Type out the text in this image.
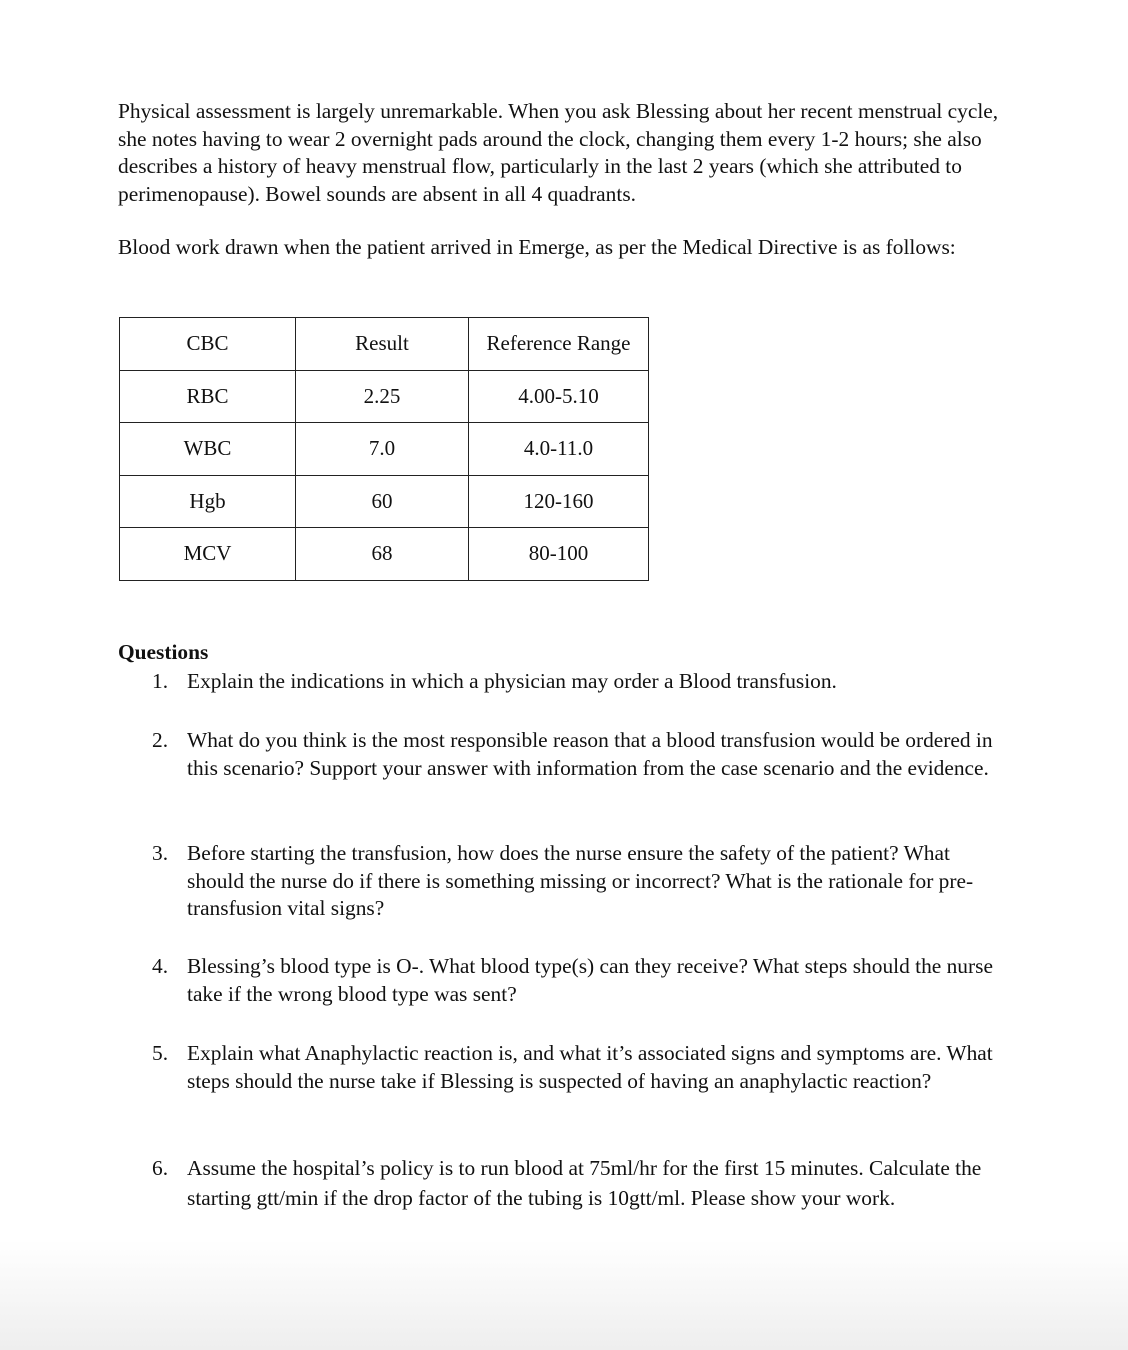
Physical assessment is largely unremarkable. When you ask Blessing about her recent menstrual cycle, she notes having to wear 2 overnight pads around the clock, changing them every 1-2 hours; she also describes a history of heavy menstrual flow, particularly in the last 2 years (which she attributed to perimenopause). Bowel sounds are absent in all 4 quadrants.

Blood work drawn when the patient arrived in Emerge, as per the Medical Directive is as follows:

CBC	Result	Reference Range
RBC	2.25	4.00-5.10
WBC	7.0	4.0-11.0
Hgb	60	120-160
MCV	68	80-100

Questions

1. Explain the indications in which a physician may order a Blood transfusion.
2. What do you think is the most responsible reason that a blood transfusion would be ordered in this scenario? Support your answer with information from the case scenario and the evidence.
3. Before starting the transfusion, how does the nurse ensure the safety of the patient? What should the nurse do if there is something missing or incorrect? What is the rationale for pre-transfusion vital signs?
4. Blessing’s blood type is O-. What blood type(s) can they receive? What steps should the nurse take if the wrong blood type was sent?
5. Explain what Anaphylactic reaction is, and what it’s associated signs and symptoms are. What steps should the nurse take if Blessing is suspected of having an anaphylactic reaction?
6. Assume the hospital’s policy is to run blood at 75ml/hr for the first 15 minutes. Calculate the starting gtt/min if the drop factor of the tubing is 10gtt/ml. Please show your work.
